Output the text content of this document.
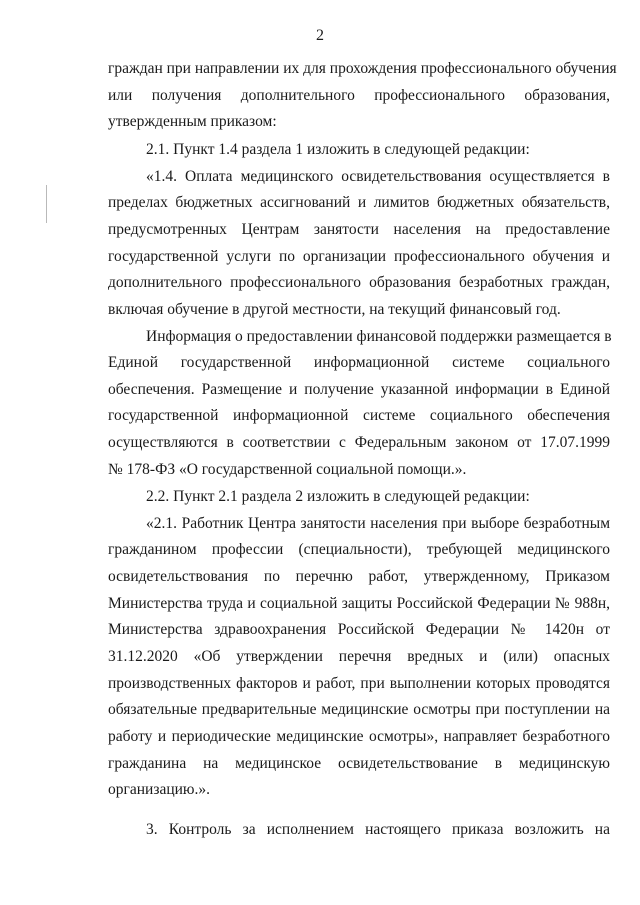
2
граждан при направлении их для прохождения профессионального обучения
или получения дополнительного профессионального образования,
утвержденным приказом:
2.1. Пункт 1.4 раздела 1 изложить в следующей редакции:
«1.4. Оплата медицинского освидетельствования осуществляется в
пределах бюджетных ассигнований и лимитов бюджетных обязательств,
предусмотренных Центрам занятости населения на предоставление
государственной услуги по организации профессионального обучения и
дополнительного профессионального образования безработных граждан,
включая обучение в другой местности, на текущий финансовый год.
Информация о предоставлении финансовой поддержки размещается в
Единой государственной информационной системе социального
обеспечения. Размещение и получение указанной информации в Единой
государственной информационной системе социального обеспечения
осуществляются в соответствии с Федеральным законом от 17.07.1999
№ 178-ФЗ «О государственной социальной помощи.».
2.2. Пункт 2.1 раздела 2 изложить в следующей редакции:
«2.1. Работник Центра занятости населения при выборе безработным
гражданином профессии (специальности), требующей медицинского
освидетельствования по перечню работ, утвержденному, Приказом
Министерства труда и социальной защиты Российской Федерации № 988н,
Министерства здравоохранения Российской Федерации № 1420н от
31.12.2020 «Об утверждении перечня вредных и (или) опасных
производственных факторов и работ, при выполнении которых проводятся
обязательные предварительные медицинские осмотры при поступлении на
работу и периодические медицинские осмотры», направляет безработного
гражданина на медицинское освидетельствование в медицинскую
организацию.».
3. Контроль за исполнением настоящего приказа возложить на
